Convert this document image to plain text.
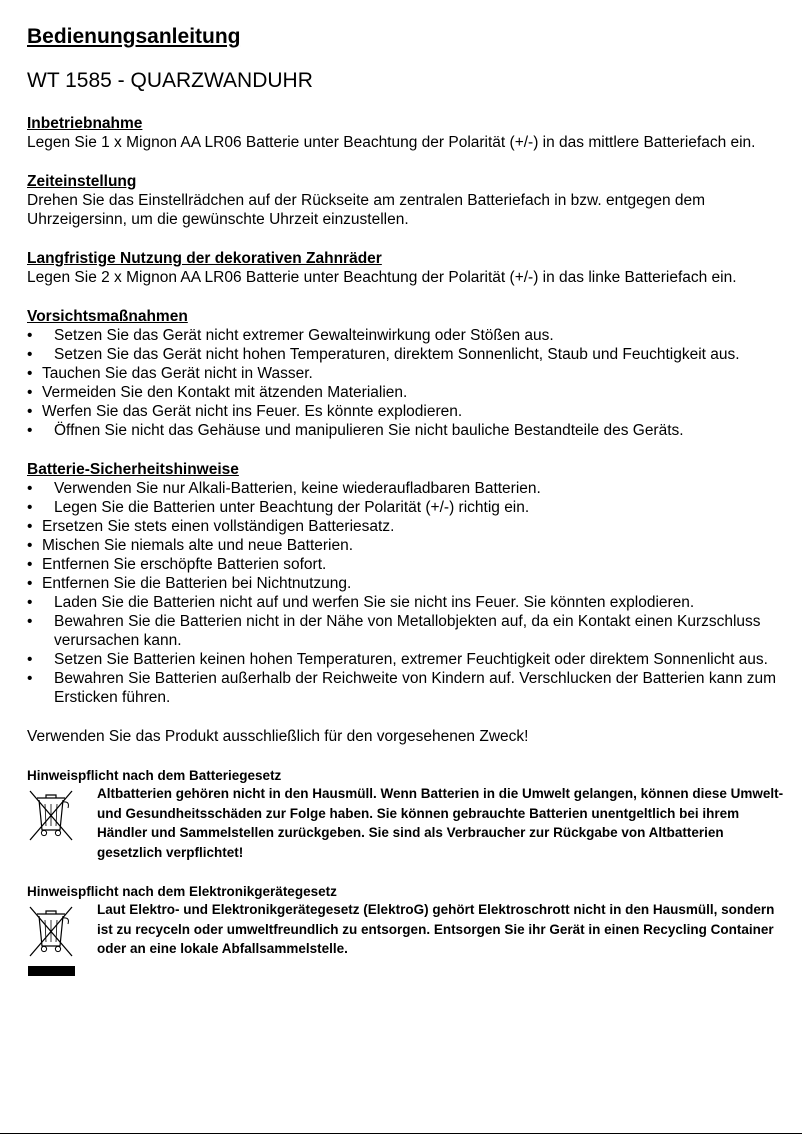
Bedienungsanleitung
WT 1585 - QUARZWANDUHR

Inbetriebnahme

Legen Sie 1 x Mignon AA LR06 Batterie unter Beachtung der Polarität (+/-) in das mittlere Batteriefach ein.

Zeiteinstellung

Drehen Sie das Einstellrädchen auf der Rückseite am zentralen Batteriefach in bzw. entgegen dem Uhrzeigersinn, um die gewünschte Uhrzeit einzustellen.

Langfristige Nutzung der dekorativen Zahnräder

Legen Sie 2 x Mignon AA LR06 Batterie unter Beachtung der Polarität (+/-) in das linke Batteriefach ein.

Vorsichtsmaßnahmen

• Setzen Sie das Gerät nicht extremer Gewalteinwirkung oder Stößen aus.
• Setzen Sie das Gerät nicht hohen Temperaturen, direktem Sonnenlicht, Staub und Feuchtigkeit aus.
• Tauchen Sie das Gerät nicht in Wasser.
• Vermeiden Sie den Kontakt mit ätzenden Materialien.
• Werfen Sie das Gerät nicht ins Feuer. Es könnte explodieren.
• Öffnen Sie nicht das Gehäuse und manipulieren Sie nicht bauliche Bestandteile des Geräts.

Batterie-Sicherheitshinweise

• Verwenden Sie nur Alkali-Batterien, keine wiederaufladbaren Batterien.
• Legen Sie die Batterien unter Beachtung der Polarität (+/-) richtig ein.
• Ersetzen Sie stets einen vollständigen Batteriesatz.
• Mischen Sie niemals alte und neue Batterien.
• Entfernen Sie erschöpfte Batterien sofort.
• Entfernen Sie die Batterien bei Nichtnutzung.
• Laden Sie die Batterien nicht auf und werfen Sie sie nicht ins Feuer. Sie könnten explodieren.
• Bewahren Sie die Batterien nicht in der Nähe von Metallobjekten auf, da ein Kontakt einen Kurzschluss verursachen kann.
• Setzen Sie Batterien keinen hohen Temperaturen, extremer Feuchtigkeit oder direktem Sonnenlicht aus.
• Bewahren Sie Batterien außerhalb der Reichweite von Kindern auf. Verschlucken der Batterien kann zum Ersticken führen.

Verwenden Sie das Produkt ausschließlich für den vorgesehenen Zweck!

Hinweispflicht nach dem Batteriegesetz

Altbatterien gehören nicht in den Hausmüll. Wenn Batterien in die Umwelt gelangen, können diese Umwelt- und Gesundheitsschäden zur Folge haben. Sie können gebrauchte Batterien unentgeltlich bei ihrem Händler und Sammelstellen zurückgeben. Sie sind als Verbraucher zur Rückgabe von Altbatterien gesetzlich verpflichtet!

Hinweispflicht nach dem Elektronikgerätegesetz

Laut Elektro- und Elektronikgerätegesetz (ElektroG) gehört Elektroschrott nicht in den Hausmüll, sondern ist zu recyceln oder umweltfreundlich zu entsorgen. Entsorgen Sie ihr Gerät in einen Recycling Container oder an eine lokale Abfallsammelstelle.
